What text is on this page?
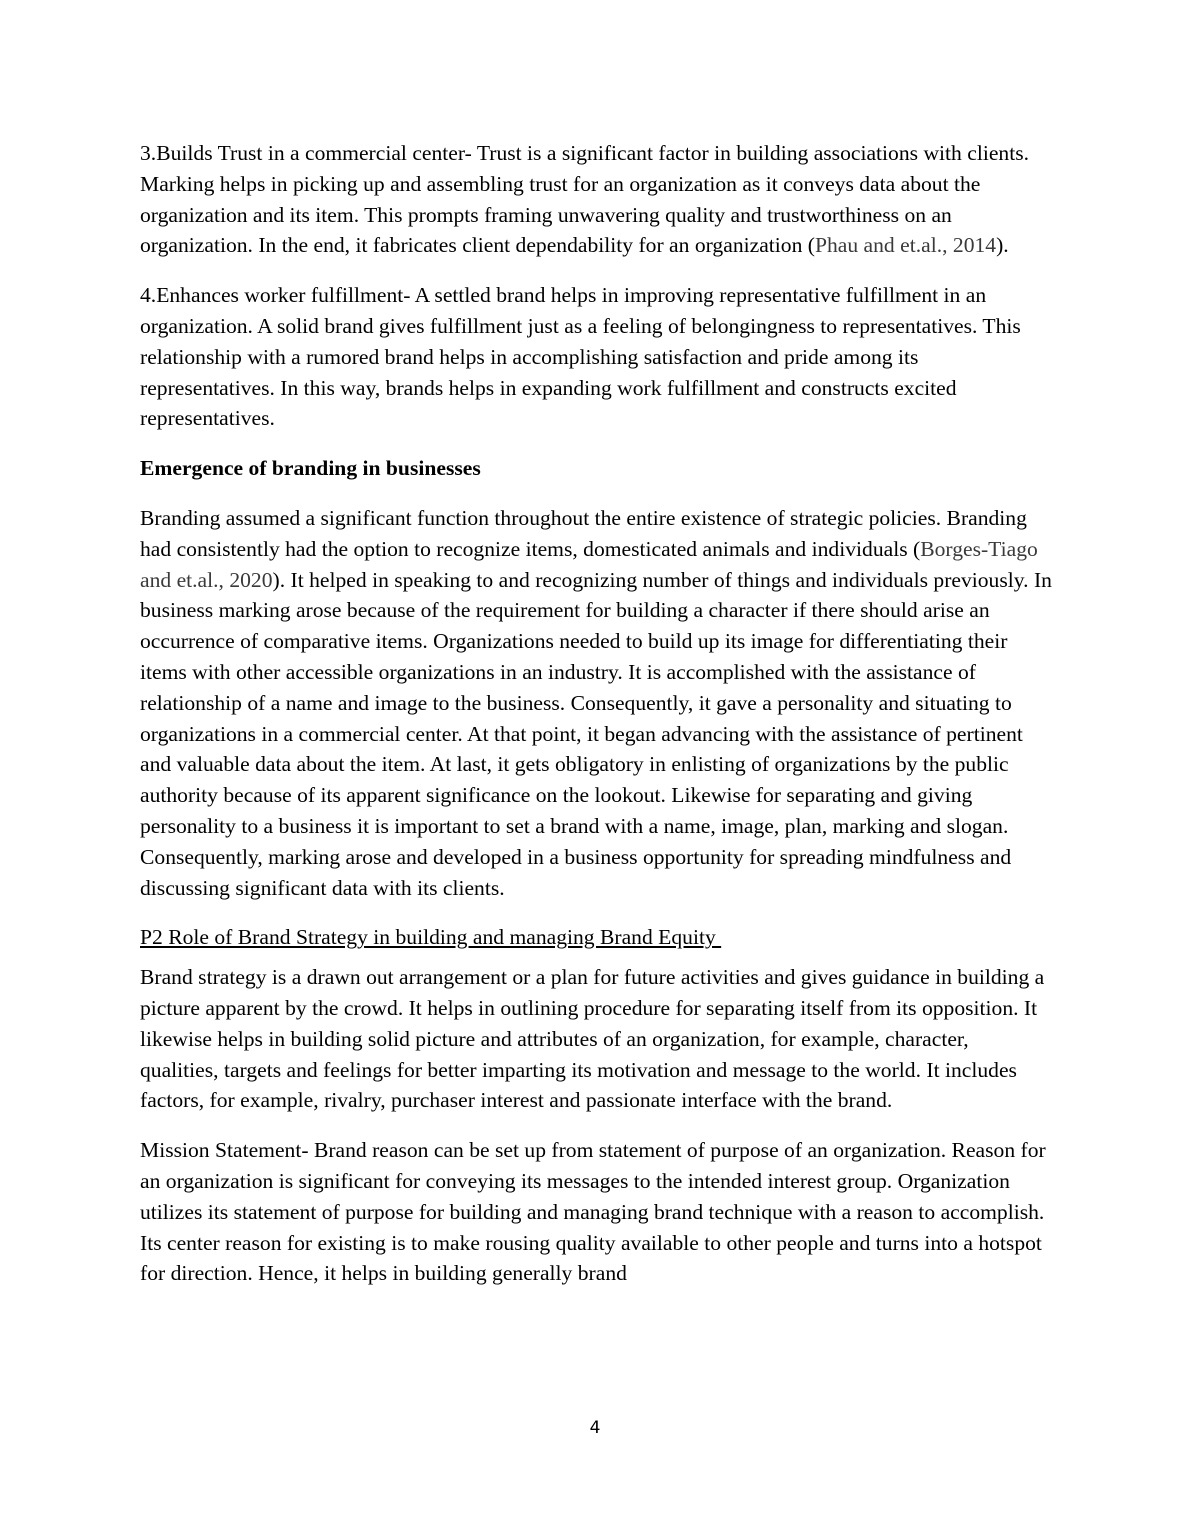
3.Builds Trust in a commercial center- Trust is a significant factor in building associations with clients. Marking helps in picking up and assembling trust for an organization as it conveys data about the organization and its item. This prompts framing unwavering quality and trustworthiness on an organization. In the end, it fabricates client dependability for an organization (Phau and et.al., 2014).

4.Enhances worker fulfillment- A settled brand helps in improving representative fulfillment in an organization. A solid brand gives fulfillment just as a feeling of belongingness to representatives. This relationship with a rumored brand helps in accomplishing satisfaction and pride among its representatives. In this way, brands helps in expanding work fulfillment and constructs excited representatives.

Emergence of branding in businesses

Branding assumed a significant function throughout the entire existence of strategic policies. Branding had consistently had the option to recognize items, domesticated animals and individuals (Borges-Tiago and et.al., 2020). It helped in speaking to and recognizing number of things and individuals previously. In business marking arose because of the requirement for building a character if there should arise an occurrence of comparative items. Organizations needed to build up its image for differentiating their items with other accessible organizations in an industry. It is accomplished with the assistance of relationship of a name and image to the business. Consequently, it gave a personality and situating to organizations in a commercial center. At that point, it began advancing with the assistance of pertinent and valuable data about the item. At last, it gets obligatory in enlisting of organizations by the public authority because of its apparent significance on the lookout. Likewise for separating and giving personality to a business it is important to set a brand with a name, image, plan, marking and slogan. Consequently, marking arose and developed in a business opportunity for spreading mindfulness and discussing significant data with its clients.

P2 Role of Brand Strategy in building and managing Brand Equity

Brand strategy is a drawn out arrangement or a plan for future activities and gives guidance in building a picture apparent by the crowd. It helps in outlining procedure for separating itself from its opposition. It likewise helps in building solid picture and attributes of an organization, for example, character, qualities, targets and feelings for better imparting its motivation and message to the world. It includes factors, for example, rivalry, purchaser interest and passionate interface with the brand.

Mission Statement- Brand reason can be set up from statement of purpose of an organization. Reason for an organization is significant for conveying its messages to the intended interest group. Organization utilizes its statement of purpose for building and managing brand technique with a reason to accomplish. Its center reason for existing is to make rousing quality available to other people and turns into a hotspot for direction. Hence, it helps in building generally brand

4
